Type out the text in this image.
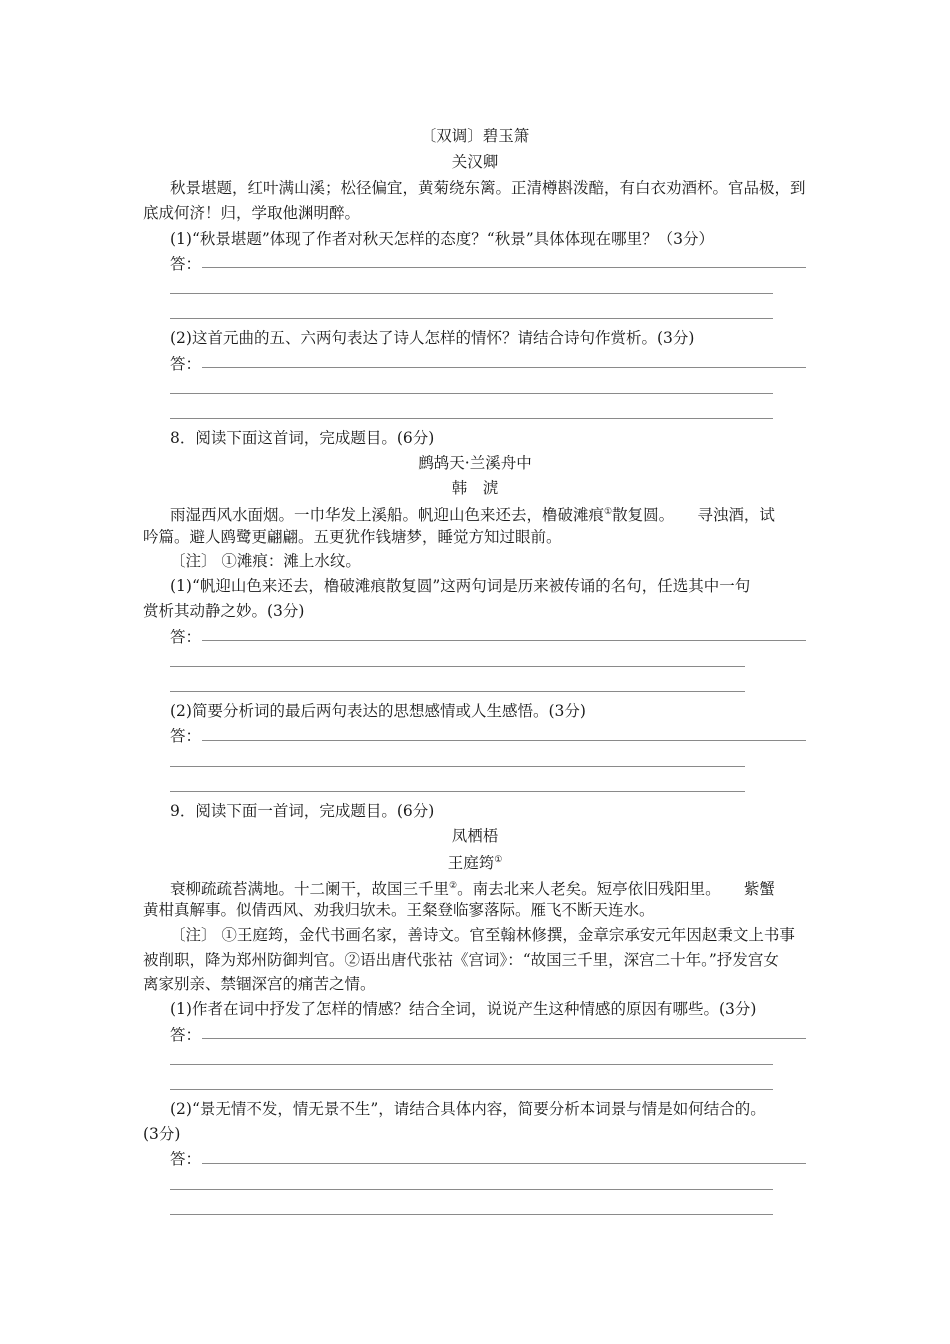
〔双调〕碧玉箫
关汉卿
秋景堪题，红叶满山溪；松径偏宜，黄菊绕东篱。正清樽斟泼醅，有白衣劝酒杯。官品极，到
底成何济！归，学取他渊明醉。
(1)“秋景堪题”体现了作者对秋天怎样的态度？“秋景”具体体现在哪里？（3分）
答：
(2)这首元曲的五、六两句表达了诗人怎样的情怀？请结合诗句作赏析。(3分)
答：
8．阅读下面这首词，完成题目。(6分)
鹧鸪天·兰溪舟中
韩　淲
雨湿西风水面烟。一巾华发上溪船。帆迎山色来还去，橹破滩痕①散复圆。　　寻浊酒，试
吟篇。避人鸥鹭更翩翩。五更犹作钱塘梦，睡觉方知过眼前。
〔注〕 ①滩痕：滩上水纹。
(1)“帆迎山色来还去，橹破滩痕散复圆”这两句词是历来被传诵的名句，任选其中一句
赏析其动静之妙。(3分)
答：
(2)简要分析词的最后两句表达的思想感情或人生感悟。(3分)
答：
9．阅读下面一首词，完成题目。(6分)
凤栖梧
王庭筠①
衰柳疏疏苔满地。十二阑干，故国三千里②。南去北来人老矣。短亭依旧残阳里。　　紫蟹
黄柑真解事。似倩西风、劝我归欤未。王粲登临寥落际。雁飞不断天连水。
〔注〕 ①王庭筠，金代书画名家，善诗文。官至翰林修撰，金章宗承安元年因赵秉文上书事
被削职，降为郑州防御判官。②语出唐代张祜《宫词》：“故国三千里，深宫二十年。”抒发宫女
离家别亲、禁锢深宫的痛苦之情。
(1)作者在词中抒发了怎样的情感？结合全词，说说产生这种情感的原因有哪些。(3分)
答：
(2)“景无情不发，情无景不生”，请结合具体内容，简要分析本词景与情是如何结合的。
(3分)
答：
